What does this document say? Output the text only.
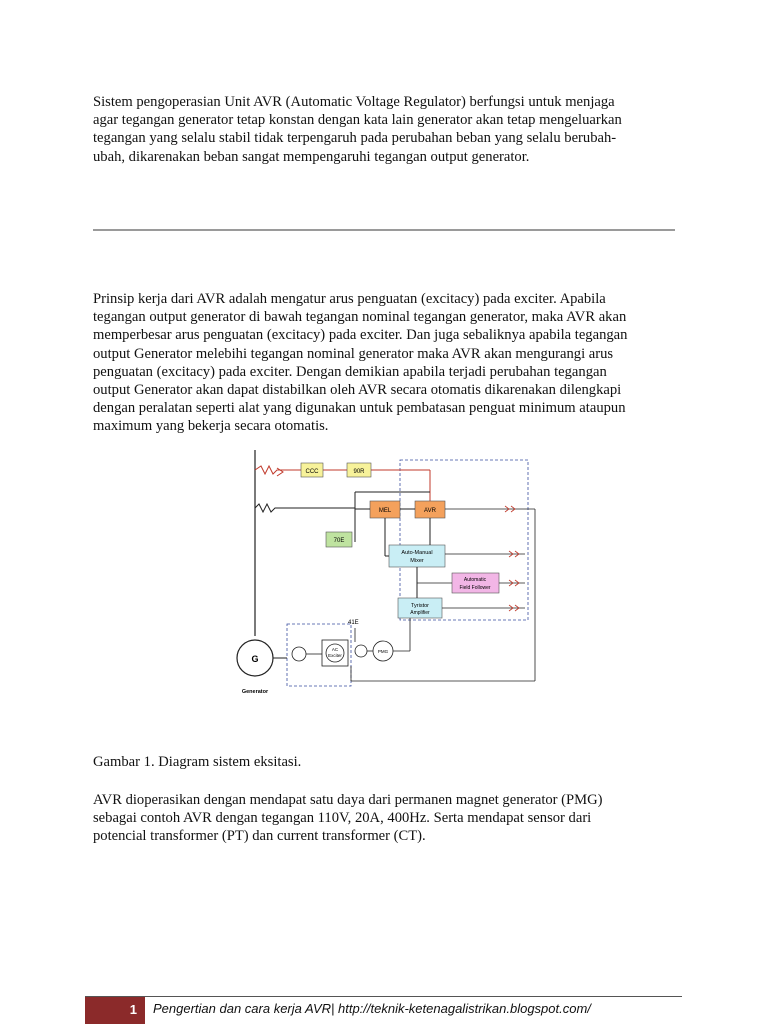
Sistem pengoperasian Unit AVR (Automatic Voltage Regulator) berfungsi untuk menjaga
agar tegangan generator tetap konstan dengan kata lain generator akan tetap mengeluarkan
tegangan yang selalu stabil tidak terpengaruh pada perubahan beban yang selalu berubah-
ubah, dikarenakan beban sangat mempengaruhi tegangan output generator.

Prinsip kerja dari AVR adalah mengatur arus penguatan (excitacy) pada exciter. Apabila
tegangan output generator di bawah tegangan nominal tegangan generator, maka AVR akan
memperbesar arus penguatan (excitacy) pada exciter. Dan juga sebaliknya apabila tegangan
output Generator melebihi tegangan nominal generator maka AVR akan mengurangi arus
penguatan (excitacy) pada exciter. Dengan demikian apabila terjadi perubahan tegangan
output Generator akan dapat distabilkan oleh AVR secara otomatis dikarenakan dilengkapi
dengan peralatan seperti alat yang digunakan untuk pembatasan penguat minimum ataupun
maximum yang bekerja secara otomatis.

CCC	90R
MEL	AVR
70E
Auto-Manual
Mixer
Automatic
Field Follower
Tyristor
Amplifier
41E
G
Generator
AC
Exciter
PMG

Gambar 1. Diagram sistem eksitasi.

AVR dioperasikan dengan mendapat satu daya dari permanen magnet generator (PMG)
sebagai contoh AVR dengan tegangan 110V, 20A, 400Hz. Serta mendapat sensor dari
potencial transformer (PT) dan current transformer (CT).

1	Pengertian dan cara kerja AVR| http://teknik-ketenagalistrikan.blogspot.com/
